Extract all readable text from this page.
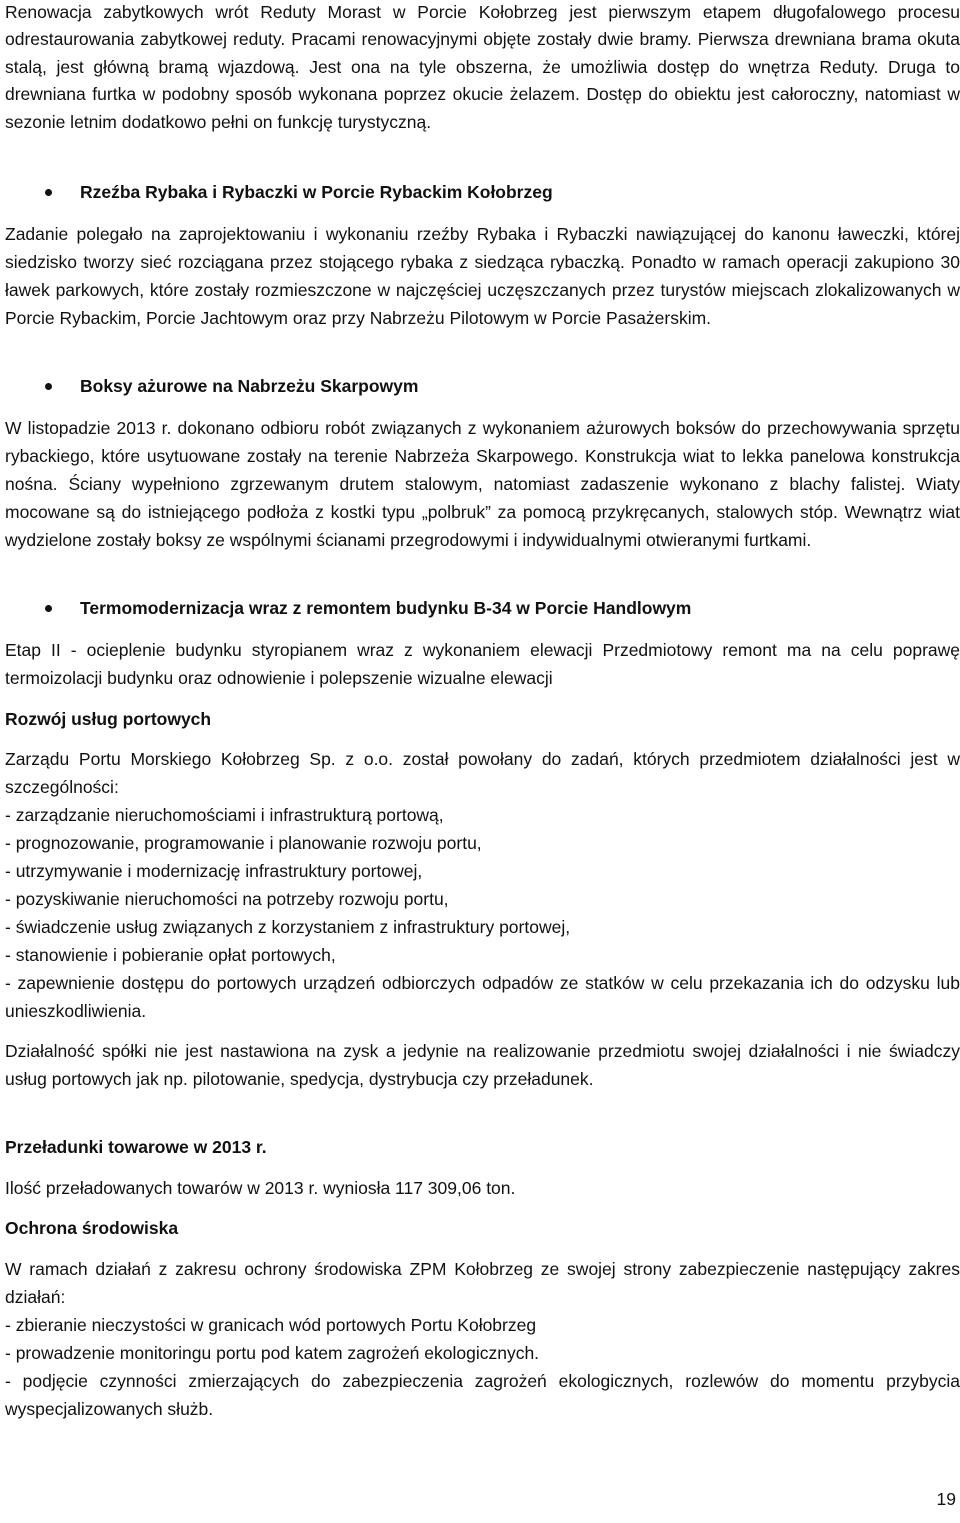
Renowacja zabytkowych wrót Reduty Morast w Porcie Kołobrzeg jest pierwszym etapem długofalowego procesu odrestaurowania zabytkowej reduty. Pracami renowacyjnymi objęte zostały dwie bramy. Pierwsza drewniana brama okuta stalą, jest główną bramą wjazdową. Jest ona na tyle obszerna, że umożliwia dostęp do wnętrza Reduty. Druga to drewniana furtka w podobny sposób wykonana poprzez okucie żelazem. Dostęp do obiektu jest całoroczny, natomiast w sezonie letnim dodatkowo pełni on funkcję turystyczną.

Rzeźba Rybaka i Rybaczki w Porcie Rybackim Kołobrzeg

Zadanie polegało na zaprojektowaniu i wykonaniu rzeźby Rybaka i Rybaczki nawiązującej do kanonu ławeczki, której siedzisko tworzy sieć rozciągana przez stojącego rybaka z siedząca rybaczką. Ponadto w ramach operacji zakupiono 30 ławek parkowych, które zostały rozmieszczone w najczęściej uczęszczanych przez turystów miejscach zlokalizowanych w Porcie Rybackim, Porcie Jachtowym oraz przy Nabrzeżu Pilotowym w Porcie Pasażerskim.

Boksy ażurowe na Nabrzeżu Skarpowym

W listopadzie 2013 r. dokonano odbioru robót związanych z wykonaniem ażurowych boksów do przechowywania sprzętu rybackiego, które usytuowane zostały na terenie Nabrzeża Skarpowego. Konstrukcja wiat to lekka panelowa konstrukcja nośna. Ściany wypełniono zgrzewanym drutem stalowym, natomiast zadaszenie wykonano z blachy falistej. Wiaty mocowane są do istniejącego podłoża z kostki typu „polbruk” za pomocą przykręcanych, stalowych stóp. Wewnątrz wiat wydzielone zostały boksy ze wspólnymi ścianami przegrodowymi i indywidualnymi otwieranymi furtkami.

Termomodernizacja wraz z remontem budynku B-34 w Porcie Handlowym

Etap II - ocieplenie budynku styropianem wraz z wykonaniem elewacji Przedmiotowy remont ma na celu poprawę termoizolacji budynku oraz odnowienie i polepszenie wizualne elewacji

Rozwój usług portowych

Zarządu Portu Morskiego Kołobrzeg Sp. z o.o. został powołany do zadań, których przedmiotem działalności jest w szczególności:

- zarządzanie nieruchomościami i infrastrukturą portową,
- prognozowanie, programowanie i planowanie rozwoju portu,
- utrzymywanie i modernizację infrastruktury portowej,
- pozyskiwanie nieruchomości na potrzeby rozwoju portu,
- świadczenie usług związanych z korzystaniem z infrastruktury portowej,
- stanowienie i pobieranie opłat portowych,

- zapewnienie dostępu do portowych urządzeń odbiorczych odpadów ze statków w celu przekazania ich do odzysku lub unieszkodliwienia.

Działalność spółki nie jest nastawiona na zysk a jedynie na realizowanie przedmiotu swojej działalności i nie świadczy usług portowych jak np. pilotowanie, spedycja, dystrybucja czy przeładunek.

Przeładunki towarowe w 2013 r.

Ilość przeładowanych towarów w 2013 r. wyniosła 117 309,06 ton.

Ochrona środowiska

W ramach działań z zakresu ochrony środowiska ZPM Kołobrzeg ze swojej strony zabezpieczenie następujący zakres działań:

- zbieranie nieczystości w granicach wód portowych Portu Kołobrzeg
- prowadzenie monitoringu portu pod katem zagrożeń ekologicznych.

- podjęcie czynności zmierzających do zabezpieczenia zagrożeń ekologicznych, rozlewów do momentu przybycia wyspecjalizowanych służb.

19
